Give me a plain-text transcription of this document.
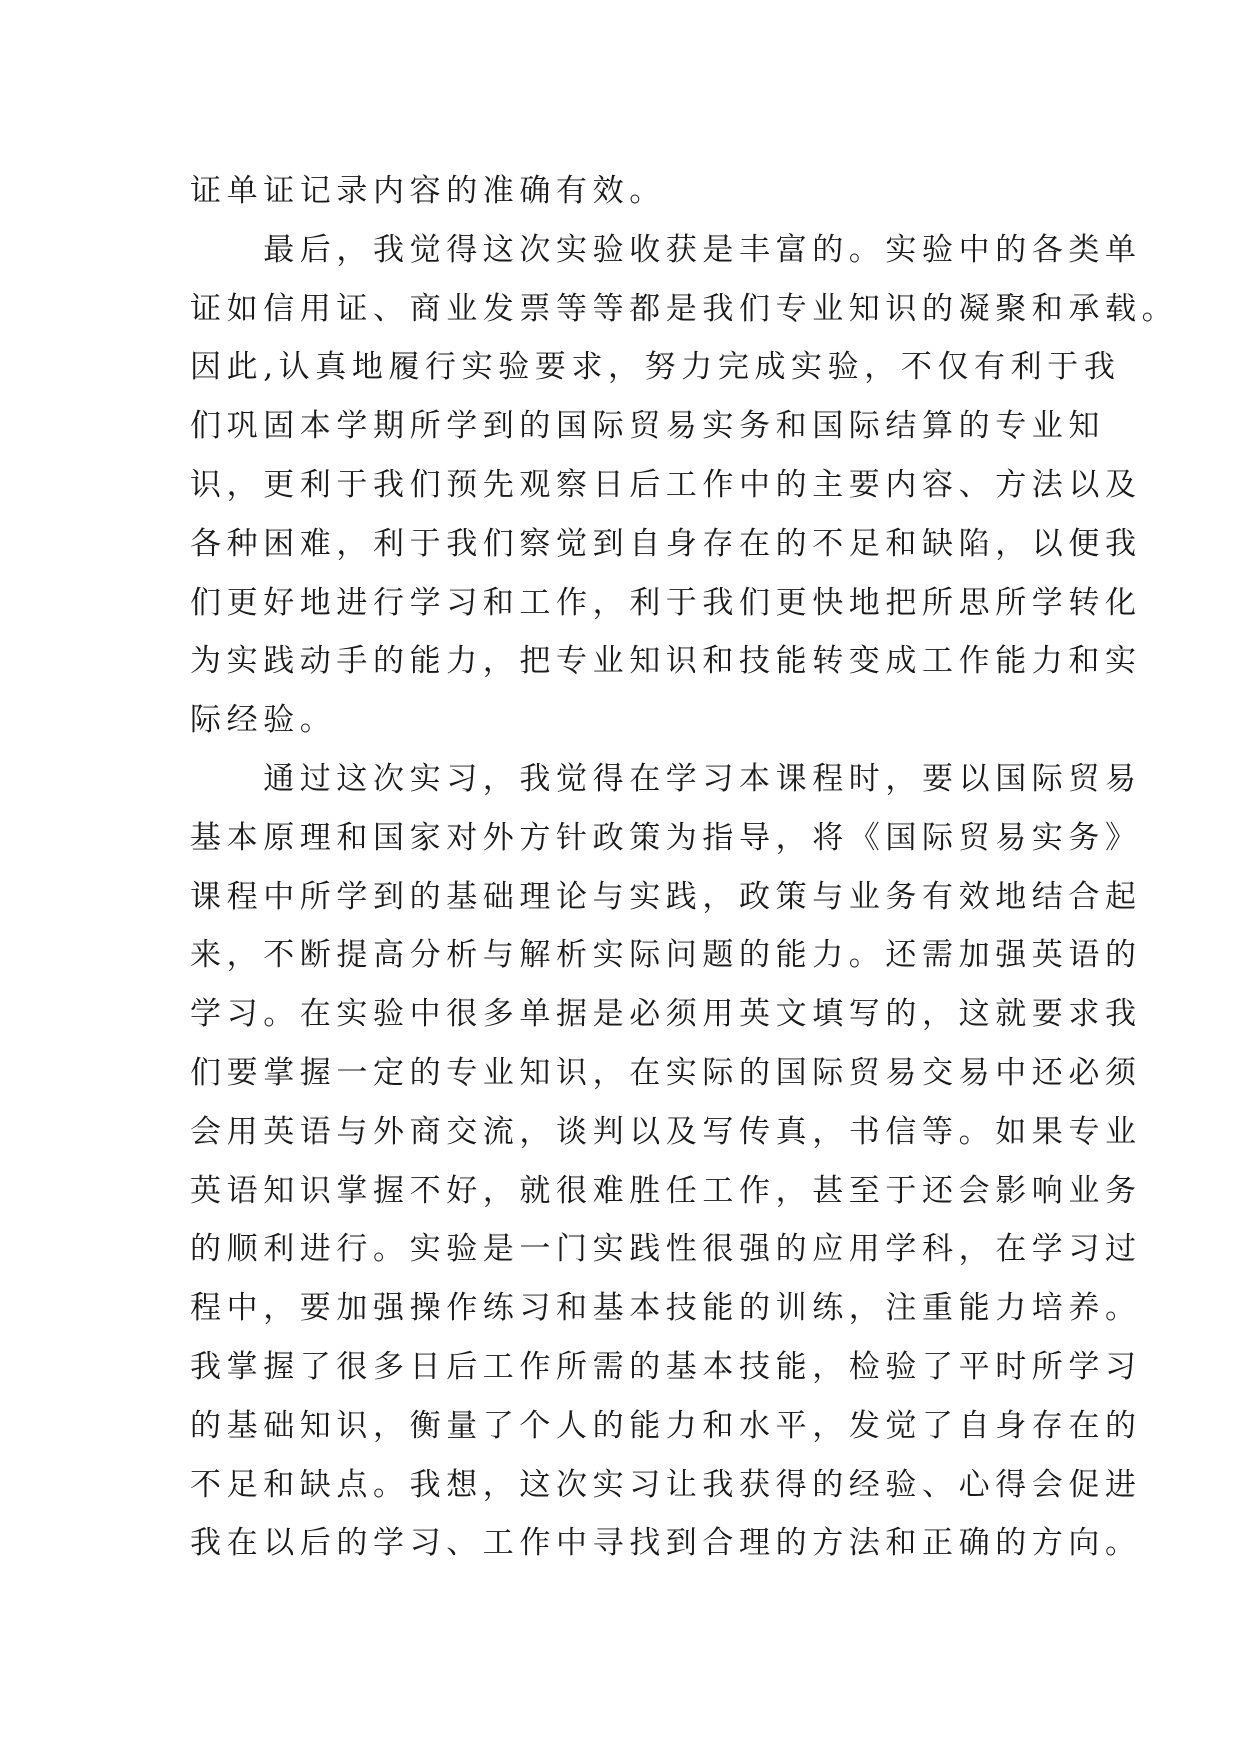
证单证记录内容的准确有效。
　　最后，我觉得这次实验收获是丰富的。实验中的各类单
证如信用证、商业发票等等都是我们专业知识的凝聚和承载。
因此,认真地履行实验要求，努力完成实验，不仅有利于我
们巩固本学期所学到的国际贸易实务和国际结算的专业知
识，更利于我们预先观察日后工作中的主要内容、方法以及
各种困难，利于我们察觉到自身存在的不足和缺陷，以便我
们更好地进行学习和工作，利于我们更快地把所思所学转化
为实践动手的能力，把专业知识和技能转变成工作能力和实
际经验。
　　通过这次实习，我觉得在学习本课程时，要以国际贸易
基本原理和国家对外方针政策为指导，将《国际贸易实务》
课程中所学到的基础理论与实践，政策与业务有效地结合起
来，不断提高分析与解析实际问题的能力。还需加强英语的
学习。在实验中很多单据是必须用英文填写的，这就要求我
们要掌握一定的专业知识，在实际的国际贸易交易中还必须
会用英语与外商交流，谈判以及写传真，书信等。如果专业
英语知识掌握不好，就很难胜任工作，甚至于还会影响业务
的顺利进行。实验是一门实践性很强的应用学科，在学习过
程中，要加强操作练习和基本技能的训练，注重能力培养。
我掌握了很多日后工作所需的基本技能，检验了平时所学习
的基础知识，衡量了个人的能力和水平，发觉了自身存在的
不足和缺点。我想，这次实习让我获得的经验、心得会促进
我在以后的学习、工作中寻找到合理的方法和正确的方向。
